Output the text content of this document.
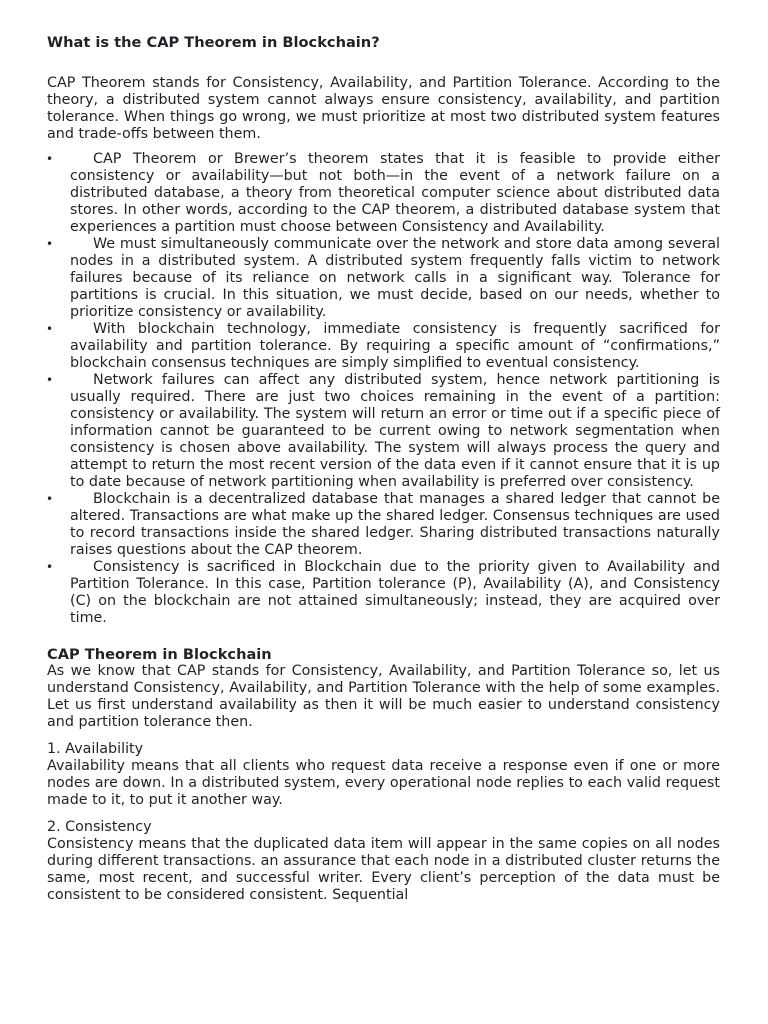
What is the CAP Theorem in Blockchain?

CAP Theorem stands for Consistency, Availability, and Partition Tolerance. According to the theory, a distributed system cannot always ensure consistency, availability, and partition tolerance. When things go wrong, we must prioritize at most two distributed system features and trade-offs between them.

•	CAP Theorem or Brewer’s theorem states that it is feasible to provide either consistency or availability—but not both—in the event of a network failure on a distributed database, a theory from theoretical computer science about distributed data stores. In other words, according to the CAP theorem, a distributed database system that experiences a partition must choose between Consistency and Availability.
•	We must simultaneously communicate over the network and store data among several nodes in a distributed system. A distributed system frequently falls victim to network failures because of its reliance on network calls in a significant way. Tolerance for partitions is crucial. In this situation, we must decide, based on our needs, whether to prioritize consistency or availability.
•	With blockchain technology, immediate consistency is frequently sacrificed for availability and partition tolerance. By requiring a specific amount of “confirmations,” blockchain consensus techniques are simply simplified to eventual consistency.
•	Network failures can affect any distributed system, hence network partitioning is usually required. There are just two choices remaining in the event of a partition: consistency or availability. The system will return an error or time out if a specific piece of information cannot be guaranteed to be current owing to network segmentation when consistency is chosen above availability. The system will always process the query and attempt to return the most recent version of the data even if it cannot ensure that it is up to date because of network partitioning when availability is preferred over consistency.
•	Blockchain is a decentralized database that manages a shared ledger that cannot be altered. Transactions are what make up the shared ledger. Consensus techniques are used to record transactions inside the shared ledger. Sharing distributed transactions naturally raises questions about the CAP theorem.
•	Consistency is sacrificed in Blockchain due to the priority given to Availability and Partition Tolerance. In this case, Partition tolerance (P), Availability (A), and Consistency (C) on the blockchain are not attained simultaneously; instead, they are acquired over time.

CAP Theorem in Blockchain

As we know that CAP stands for Consistency, Availability, and Partition Tolerance so, let us understand Consistency, Availability, and Partition Tolerance with the help of some examples. Let us first understand availability as then it will be much easier to understand consistency and partition tolerance then.

1. Availability

Availability means that all clients who request data receive a response even if one or more nodes are down. In a distributed system, every operational node replies to each valid request made to it, to put it another way.

2. Consistency

Consistency means that the duplicated data item will appear in the same copies on all nodes during different transactions. an assurance that each node in a distributed cluster returns the same, most recent, and successful writer. Every client’s perception of the data must be consistent to be considered consistent. Sequential
